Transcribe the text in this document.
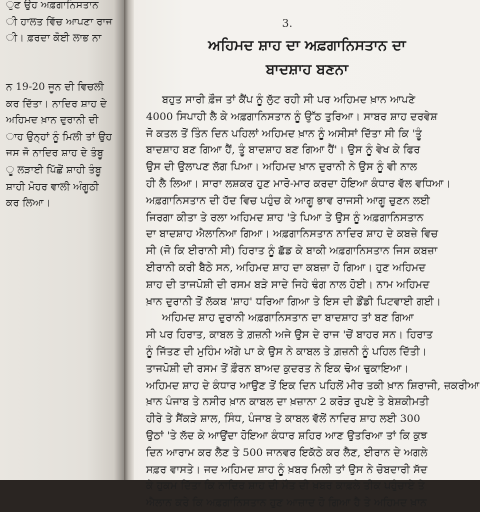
ੁਣ ਉਹ ਅਫ਼ਗਾਨਿਸਤਾਨ
ੀ ਹਾਲਤ ਵਿੱਚ ਆਪਣਾ ਰਾਜ
ੀ। ਫ਼ਰਦਾ ਕੋਈ ਲਾਭ ਨਾ
ਨ 19-20 ਜੂਨ ਦੀ ਵਿਚਲੀ
ਕਰ ਦਿੱਤਾ। ਨਾਦਿਰ ਸ਼ਾਹ ਦੇ
ਅਹਿਮਦ ਖ਼ਾਨ ਦੁਰਾਨੀ ਦੀ
ਾਹ ਉਨ੍ਹਾਂ ਨੂੰ ਮਿਲੀ ਤਾਂ ਉਹ
ਜਸ ਜੋ ਨਾਦਿਰ ਸ਼ਾਹ ਦੇ ਤੰਬੂ
ੂ ਲੜਾਈ ਪਿੱਛੋਂ ਸ਼ਾਹੀ ਤੰਬੂ
ਸ਼ਾਹੀ ਮੋਹਰ ਵਾਲੀ ਅੰਗੂਠੀ
ਕਰ ਲਿਆ।
3.
ਅਹਿਮਦ ਸ਼ਾਹ ਦਾ ਅਫ਼ਗਾਨਿਸਤਾਨ ਦਾ
ਬਾਦਸ਼ਾਹ ਬਣਨਾ
ਬਹੁਤ ਸਾਰੀ ਫ਼ੌਜ ਤਾਂ ਕੈਂਪ ਨੂੰ ਲੁੱਟ ਰਹੀ ਸੀ ਪਰ ਅਹਿਮਦ ਖ਼ਾਨ ਆਪਣੇ
4000 ਸਿਪਾਹੀ ਲੈ ਕੇ ਅਫ਼ਗਾਨਿਸਤਾਨ ਨੂੰ ਉੱਠ ਤੁਰਿਆ। ਸਾਬਰ ਸ਼ਾਹ ਦਰਵੇਸ਼
ਜੋ ਕਤਲ ਤੋਂ ਤਿੰਨ ਦਿਨ ਪਹਿਲਾਂ ਅਹਿਮਦ ਖ਼ਾਨ ਨੂੰ ਅਸੀਸਾਂ ਦਿੱਤਾ ਸੀ ਕਿ 'ਤੂੰ
ਬਾਦਸ਼ਾਹ ਬਣ ਗਿਆ ਹੈਂ, ਤੂੰ ਬਾਦਸ਼ਾਹ ਬਣ ਗਿਆ ਹੈਂ'। ਉਸ ਨੂੰ ਵੇਖ ਕੇ ਫਿਰ
ਉਸ ਦੀ ਉਲਾਪਣ ਲੱਗ ਪਿਆ। ਅਹਿਮਦ ਖ਼ਾਨ ਦੁਰਾਨੀ ਨੇ ਉਸ ਨੂੰ ਵੀ ਨਾਲ
ਹੀ ਲੈ ਲਿਆ। ਸਾਰਾ ਲਸ਼ਕਰ ਹੁਣ ਮਾਰੋ-ਮਾਰ ਕਰਦਾ ਹੋਇਆ ਕੰਧਾਰ ਵੱਲ ਵਧਿਆ।
ਅਫ਼ਗਾਨਿਸਤਾਨ ਦੀ ਹੱਦ ਵਿਚ ਪਹੁੰਚ ਕੇ ਆਗੂ ਭਾਵ ਰਾਜਸੀ ਆਗੂ ਚੁਣਨ ਲਈ
ਜਿਰਗਾ ਕੀਤਾ ਤੇ ਰਲਾ ਅਹਿਮਦ ਸ਼ਾਹ 'ਤੇ ਪਿਆ ਤੇ ਉਸ ਨੂੰ ਅਫ਼ਗਾਨਿਸਤਾਨ
ਦਾ ਬਾਦਸ਼ਾਹ ਐਲਾਨਿਆ ਗਿਆ। ਅਫ਼ਗਾਨਿਸਤਾਨ ਨਾਦਿਰ ਸ਼ਾਹ ਦੇ ਕਬਜ਼ੇ ਵਿਚ
ਸੀ (ਜੋ ਕਿ ਈਰਾਨੀ ਸੀ) ਹਿਰਾਤ ਨੂੰ ਛੱਡ ਕੇ ਬਾਕੀ ਅਫ਼ਗਾਨਿਸਤਾਨ ਜਿਸ ਕਬਜ਼ਾ
ਈਰਾਨੀ ਕਰੀ ਬੈਠੇ ਸਨ, ਅਹਿਮਦ ਸ਼ਾਹ ਦਾ ਕਬਜ਼ਾ ਹੋ ਗਿਆ। ਹੁਣ ਅਹਿਮਦ
ਸ਼ਾਹ ਦੀ ਤਾਜਪੋਸ਼ੀ ਦੀ ਰਸਮ ਬੜੇ ਸਾਦੇ ਜਿਹੇ ਢੰਗ ਨਾਲ ਹੋਈ। ਨਾਮ ਅਹਿਮਦ
ਖ਼ਾਨ ਦੁਰਾਨੀ ਤੋਂ ਲੱਕਬ 'ਸ਼ਾਹ' ਧਰਿਆ ਗਿਆ ਤੇ ਇਸ ਦੀ ਡੌਂਡੀ ਪਿਟਵਾਈ ਗਈ।
ਅਹਿਮਦ ਸ਼ਾਹ ਦੁਰਾਨੀ ਅਫ਼ਗਾਨਿਸਤਾਨ ਦਾ ਬਾਦਸ਼ਾਹ ਤਾਂ ਬਣ ਗਿਆ
ਸੀ ਪਰ ਹਿਰਾਤ, ਕਾਬਲ ਤੇ ਗ਼ਜ਼ਨੀ ਅਜੇ ਉਸ ਦੇ ਰਾਜ 'ਚੋਂ ਬਾਹਰ ਸਨ। ਹਿਰਾਤ
ਨੂੰ ਜਿੱਤਣ ਦੀ ਮੁਹਿੰਮ ਅੱਗੇ ਪਾ ਕੇ ਉਸ ਨੇ ਕਾਬਲ ਤੇ ਗ਼ਜ਼ਨੀ ਨੂੰ ਪਹਿਲ ਦਿੱਤੀ।
ਤਾਜਪੋਸ਼ੀ ਦੀ ਰਸਮ ਤੋਂ ਫ਼ੌਰਨ ਬਾਅਦ ਕੁਦਰਤ ਨੇ ਇਕ ਢੋਅ ਢੁਕਾਇਆ।
ਅਹਿਮਦ ਸ਼ਾਹ ਦੇ ਕੰਧਾਰ ਆਉਣ ਤੋਂ ਇਕ ਦਿਨ ਪਹਿਲੋਂ ਮੀਰ ਤਕੀ ਖ਼ਾਨ ਸ਼ਿਰਾਜੀ, ਜ਼ਕਰੀਆ
ਖ਼ਾਨ ਪੰਜਾਬ ਤੇ ਨਸੀਰ ਖ਼ਾਨ ਕਾਬਲ ਦਾ ਖ਼ਜ਼ਾਨਾ 2 ਕਰੋੜ ਰੁਪਏ ਤੇ ਬੇਸ਼ਕੀਮਤੀ
ਹੀਰੇ ਤੇ ਸੈਂਕੜੇ ਸ਼ਾਲ, ਸਿੰਧ, ਪੰਜਾਬ ਤੇ ਕਾਬਲ ਵੱਲੋਂ ਨਾਦਿਰ ਸ਼ਾਹ ਲਈ 300
ਉਠਾਂ 'ਤੇ ਲੱਦ ਕੇ ਆਉਂਦਾ ਹੋਇਆ ਕੰਧਾਰ ਸ਼ਹਿਰ ਆਣ ਉਤਰਿਆ ਤਾਂ ਕਿ ਕੁਝ
ਦਿਨ ਆਰਾਮ ਕਰ ਲੈਣ ਤੇ 500 ਜਾਨਵਰ ਇਕੱਠੇ ਕਰ ਲੈਣ, ਈਰਾਨ ਦੇ ਅਗਲੇ
ਸਫ਼ਰ ਵਾਸਤੇ। ਜਦ ਅਹਿਮਦ ਸ਼ਾਹ ਨੂੰ ਖ਼ਬਰ ਮਿਲੀ ਤਾਂ ਉਸ ਨੇ ਚੋਬਦਾਰੀ ਸੱਦ
ਕੇ ਹੁਕਮ ਦਿੱਤਾ ਕਿ ਨਾਦਿਰ ਸ਼ਾਹ ਦੀ ਮੌਤ ਦੀ ਖ਼ਬਰ ਕਾਫ਼ਲੇ ਤੀਕ ਪਹੁੰਚਾਏ ਤੇ
ਐਲਾਨ ਕਰੇ ਕਿ ਅਫ਼ਗਾਨਿਸਤਾਨ ਹੁਣ ਆਜ਼ਾਦ ਹੋ ਗਿਆ ਹੈ ਤੇ ਅਹਿਮਦ ਖ਼ਾਨ
